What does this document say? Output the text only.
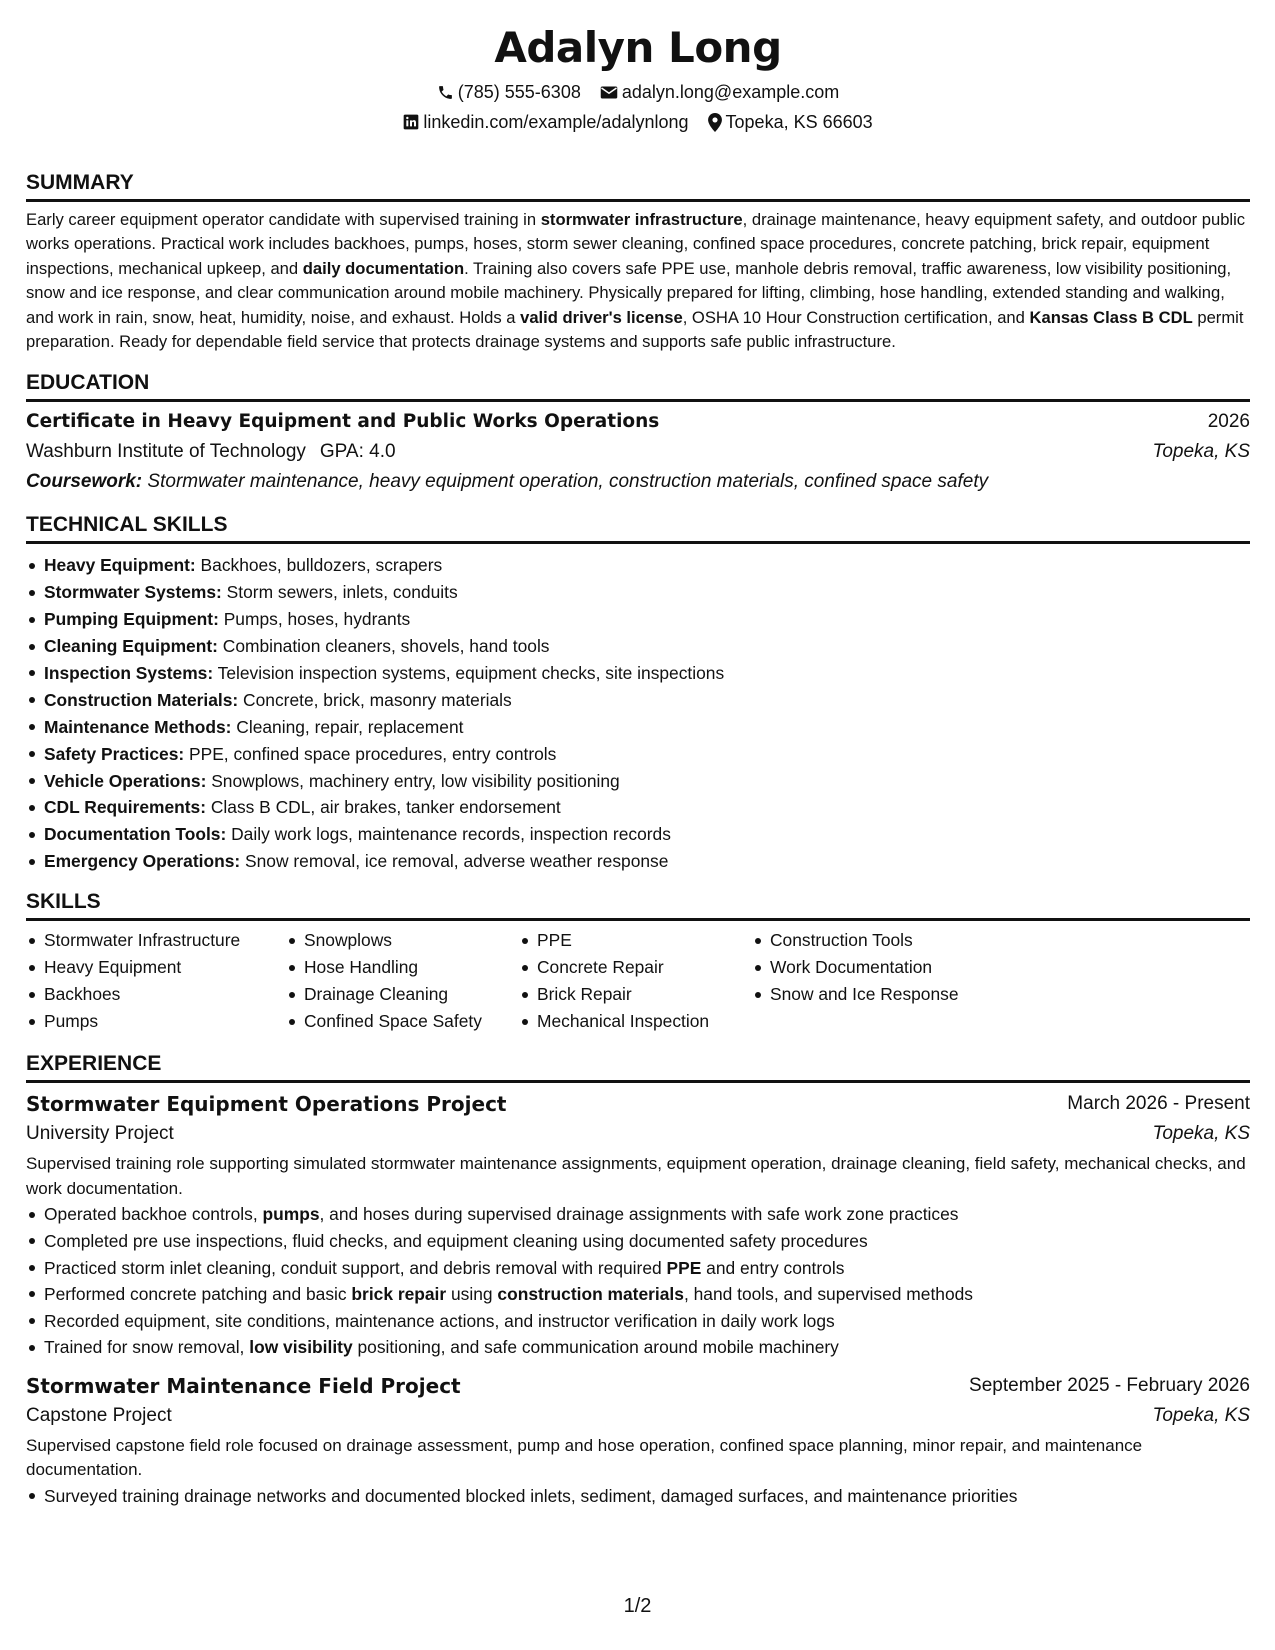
Adalyn Long
(785) 555-6308
adalyn.long@example.com
linkedin.com/example/adalynlong
Topeka, KS 66603
SUMMARY
Early career equipment operator candidate with supervised training in stormwater infrastructure, drainage maintenance, heavy equipment safety, and outdoor public works operations. Practical work includes backhoes, pumps, hoses, storm sewer cleaning, confined space procedures, concrete patching, brick repair, equipment inspections, mechanical upkeep, and daily documentation. Training also covers safe PPE use, manhole debris removal, traffic awareness, low visibility positioning, snow and ice response, and clear communication around mobile machinery. Physically prepared for lifting, climbing, hose handling, extended standing and walking, and work in rain, snow, heat, humidity, noise, and exhaust. Holds a valid driver's license, OSHA 10 Hour Construction certification, and Kansas Class B CDL permit preparation. Ready for dependable field service that protects drainage systems and supports safe public infrastructure.
EDUCATION
Certificate in Heavy Equipment and Public Works Operations	2026
Washburn Institute of Technology GPA: 4.0	Topeka, KS
Coursework: Stormwater maintenance, heavy equipment operation, construction materials, confined space safety
TECHNICAL SKILLS
Heavy Equipment: Backhoes, bulldozers, scrapers
Stormwater Systems: Storm sewers, inlets, conduits
Pumping Equipment: Pumps, hoses, hydrants
Cleaning Equipment: Combination cleaners, shovels, hand tools
Inspection Systems: Television inspection systems, equipment checks, site inspections
Construction Materials: Concrete, brick, masonry materials
Maintenance Methods: Cleaning, repair, replacement
Safety Practices: PPE, confined space procedures, entry controls
Vehicle Operations: Snowplows, machinery entry, low visibility positioning
CDL Requirements: Class B CDL, air brakes, tanker endorsement
Documentation Tools: Daily work logs, maintenance records, inspection records
Emergency Operations: Snow removal, ice removal, adverse weather response
SKILLS
Stormwater Infrastructure
Heavy Equipment
Backhoes
Pumps
Snowplows
Hose Handling
Drainage Cleaning
Confined Space Safety
PPE
Concrete Repair
Brick Repair
Mechanical Inspection
Construction Tools
Work Documentation
Snow and Ice Response
EXPERIENCE
Stormwater Equipment Operations Project	March 2026 - Present
University Project	Topeka, KS
Supervised training role supporting simulated stormwater maintenance assignments, equipment operation, drainage cleaning, field safety, mechanical checks, and work documentation.
Operated backhoe controls, pumps, and hoses during supervised drainage assignments with safe work zone practices
Completed pre use inspections, fluid checks, and equipment cleaning using documented safety procedures
Practiced storm inlet cleaning, conduit support, and debris removal with required PPE and entry controls
Performed concrete patching and basic brick repair using construction materials, hand tools, and supervised methods
Recorded equipment, site conditions, maintenance actions, and instructor verification in daily work logs
Trained for snow removal, low visibility positioning, and safe communication around mobile machinery
Stormwater Maintenance Field Project	September 2025 - February 2026
Capstone Project	Topeka, KS
Supervised capstone field role focused on drainage assessment, pump and hose operation, confined space planning, minor repair, and maintenance documentation.
Surveyed training drainage networks and documented blocked inlets, sediment, damaged surfaces, and maintenance priorities
1/2
